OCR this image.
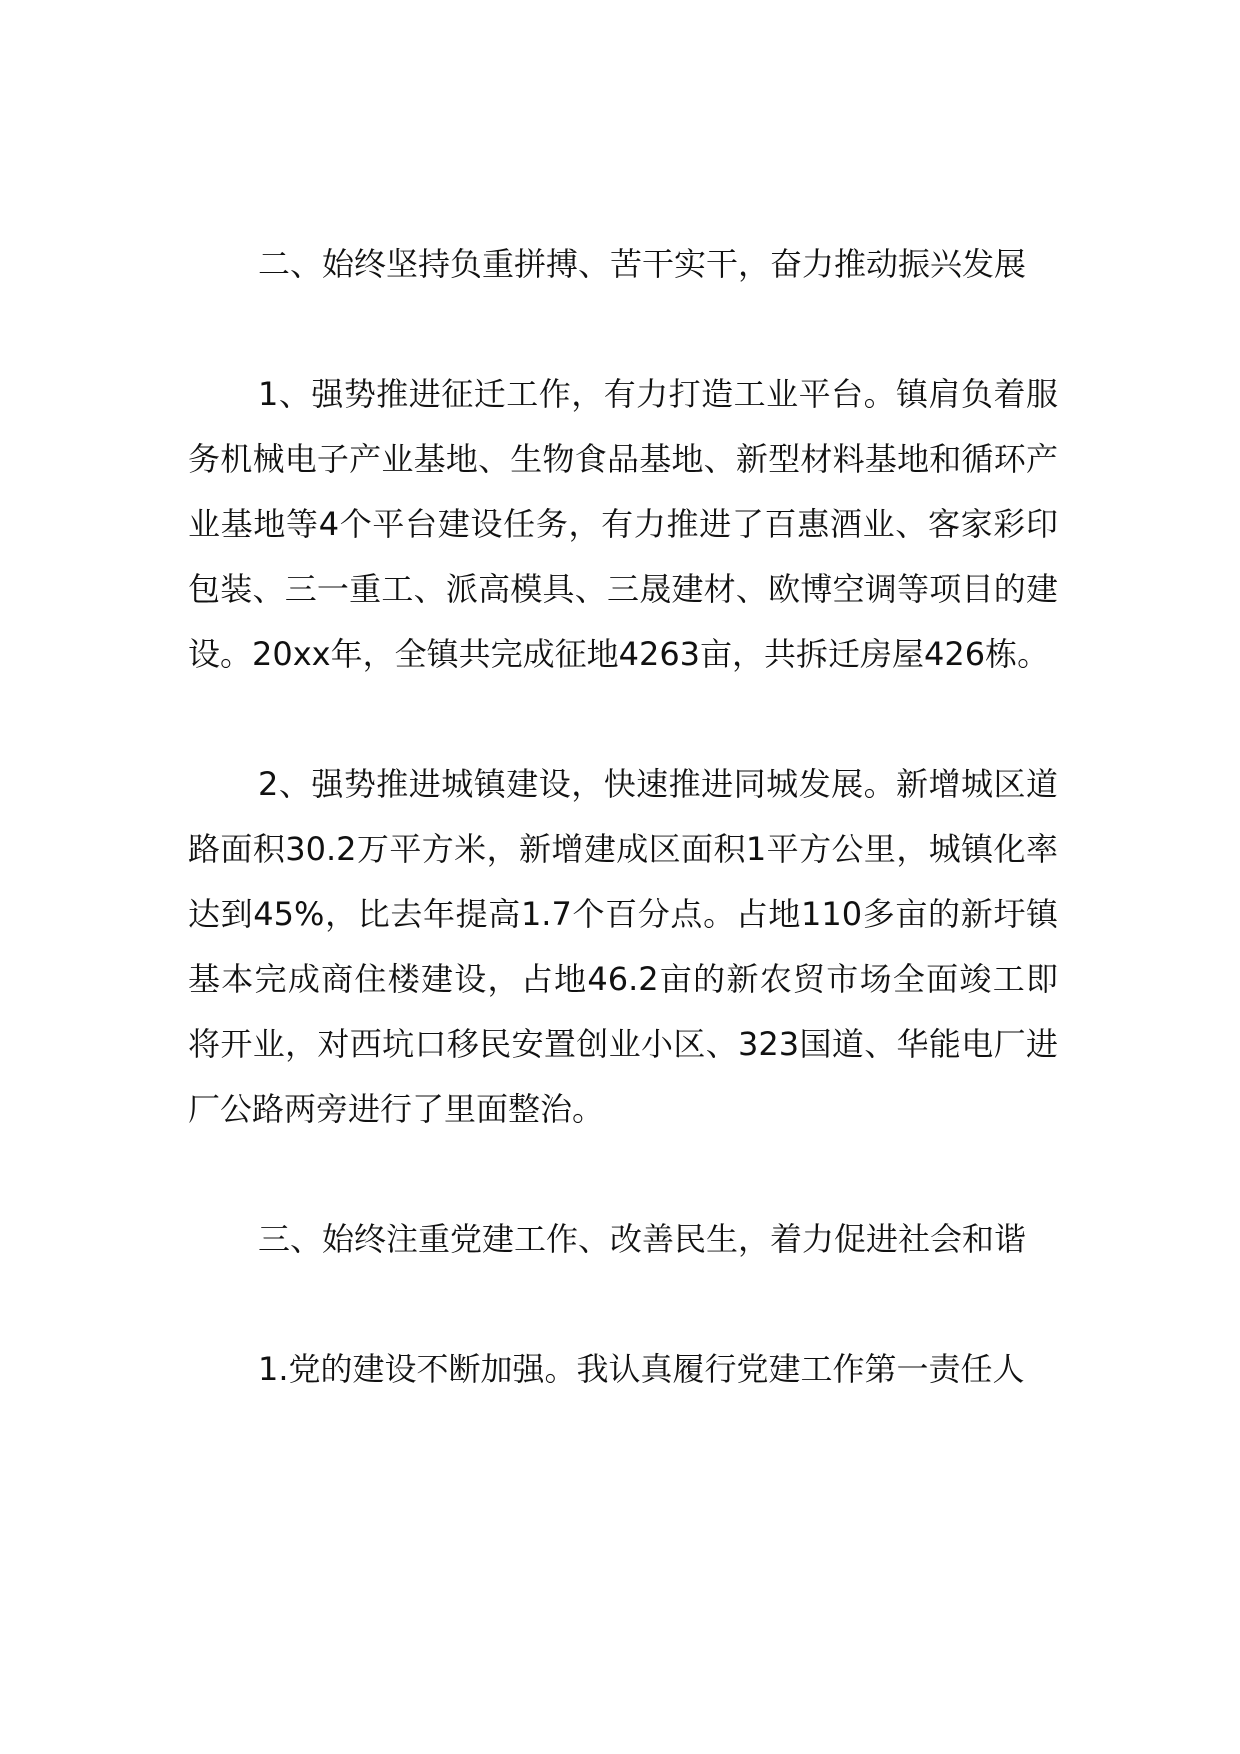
二、始终坚持负重拼搏、苦干实干，奋力推动振兴发展

1、强势推进征迁工作，有力打造工业平台。镇肩负着服务机械电子产业基地、生物食品基地、新型材料基地和循环产业基地等4个平台建设任务，有力推进了百惠酒业、客家彩印包装、三一重工、派高模具、三晟建材、欧博空调等项目的建设。20xx年，全镇共完成征地4263亩，共拆迁房屋426栋。

2、强势推进城镇建设，快速推进同城发展。新增城区道路面积30.2万平方米，新增建成区面积1平方公里，城镇化率达到45%，比去年提高1.7个百分点。占地110多亩的新圩镇基本完成商住楼建设，占地46.2亩的新农贸市场全面竣工即将开业，对西坑口移民安置创业小区、323国道、华能电厂进厂公路两旁进行了里面整治。

三、始终注重党建工作、改善民生，着力促进社会和谐

1.党的建设不断加强。我认真履行党建工作第一责任人
